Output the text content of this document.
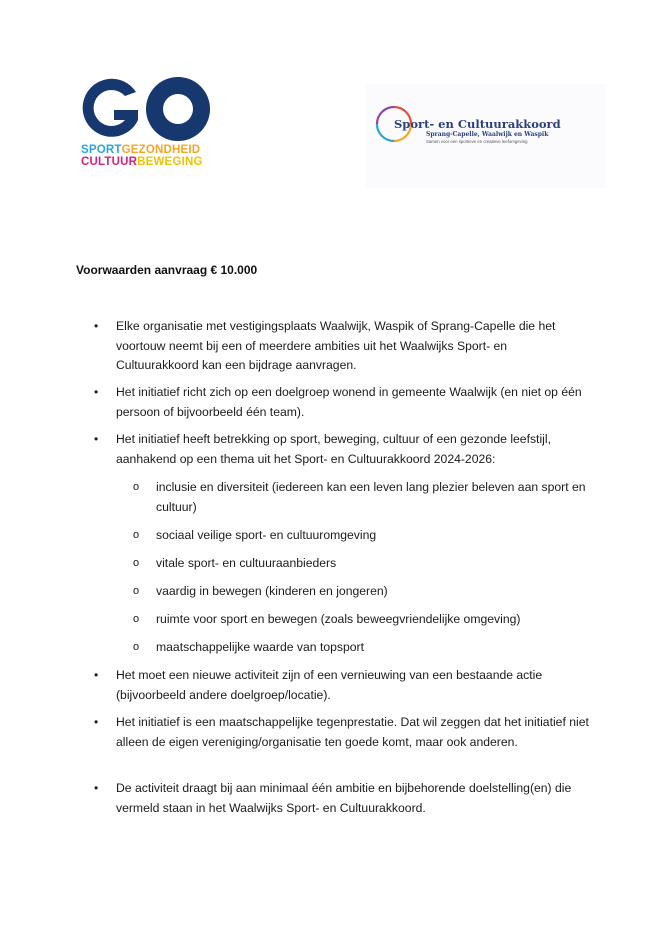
SPORTGEZONDHEID
CULTUURBEWEGING
Sport- en Cultuurakkoord
Sprang-Capelle, Waalwijk en Waspik
Samen voor een sportieve en creatieve leefomgeving
Voorwaarden aanvraag € 10.000
• Elke organisatie met vestigingsplaats Waalwijk, Waspik of Sprang-Capelle die het voortouw neemt bij een of meerdere ambities uit het Waalwijks Sport- en Cultuurakkoord kan een bijdrage aanvragen.
• Het initiatief richt zich op een doelgroep wonend in gemeente Waalwijk (en niet op één persoon of bijvoorbeeld één team).
• Het initiatief heeft betrekking op sport, beweging, cultuur of een gezonde leefstijl, aanhakend op een thema uit het Sport- en Cultuurakkoord 2024-2026:
o inclusie en diversiteit (iedereen kan een leven lang plezier beleven aan sport en cultuur)
o sociaal veilige sport- en cultuuromgeving
o vitale sport- en cultuuraanbieders
o vaardig in bewegen (kinderen en jongeren)
o ruimte voor sport en bewegen (zoals beweegvriendelijke omgeving)
o maatschappelijke waarde van topsport
• Het moet een nieuwe activiteit zijn of een vernieuwing van een bestaande actie (bijvoorbeeld andere doelgroep/locatie).
• Het initiatief is een maatschappelijke tegenprestatie. Dat wil zeggen dat het initiatief niet alleen de eigen vereniging/organisatie ten goede komt, maar ook anderen.
• De activiteit draagt bij aan minimaal één ambitie en bijbehorende doelstelling(en) die vermeld staan in het Waalwijks Sport- en Cultuurakkoord.
